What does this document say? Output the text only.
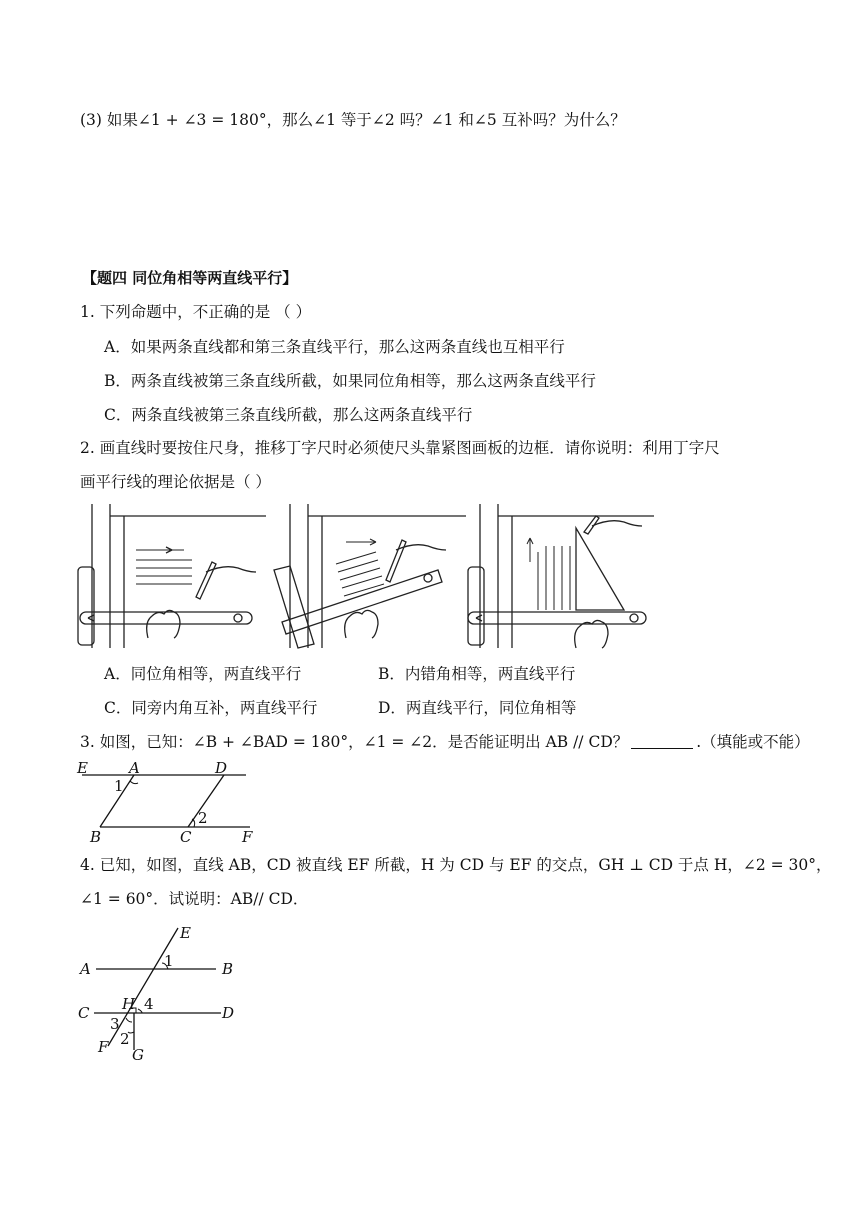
(3) 如果∠1 + ∠3 = 180°，那么∠1 等于∠2 吗？∠1 和∠5 互补吗？为什么？
【题四 同位角相等两直线平行】
1. 下列命题中，不正确的是 （ ）
A．如果两条直线都和第三条直线平行，那么这两条直线也互相平行
B．两条直线被第三条直线所截，如果同位角相等，那么这两条直线平行
C．两条直线被第三条直线所截，那么这两条直线平行
2. 画直线时要按住尺身，推移丁字尺时必须使尺头靠紧图画板的边框．请你说明：利用丁字尺
画平行线的理论依据是（ ）
A．同位角相等，两直线平行	B．内错角相等，两直线平行
C．同旁内角互补，两直线平行	D．两直线平行，同位角相等
3. 如图，已知：∠B + ∠BAD = 180°，∠1 = ∠2．是否能证明出 AB // CD？	.（填能或不能）
E	A	D
1
B	C
2
F
4. 已知，如图，直线 AB，CD 被直线 EF 所截，H 为 CD 与 EF 的交点，GH ⊥ CD 于点 H，∠2 = 30°，
∠1 = 60°．试说明：AB// CD．
E
A	1	B
C H 4	D
3
F 2
G
